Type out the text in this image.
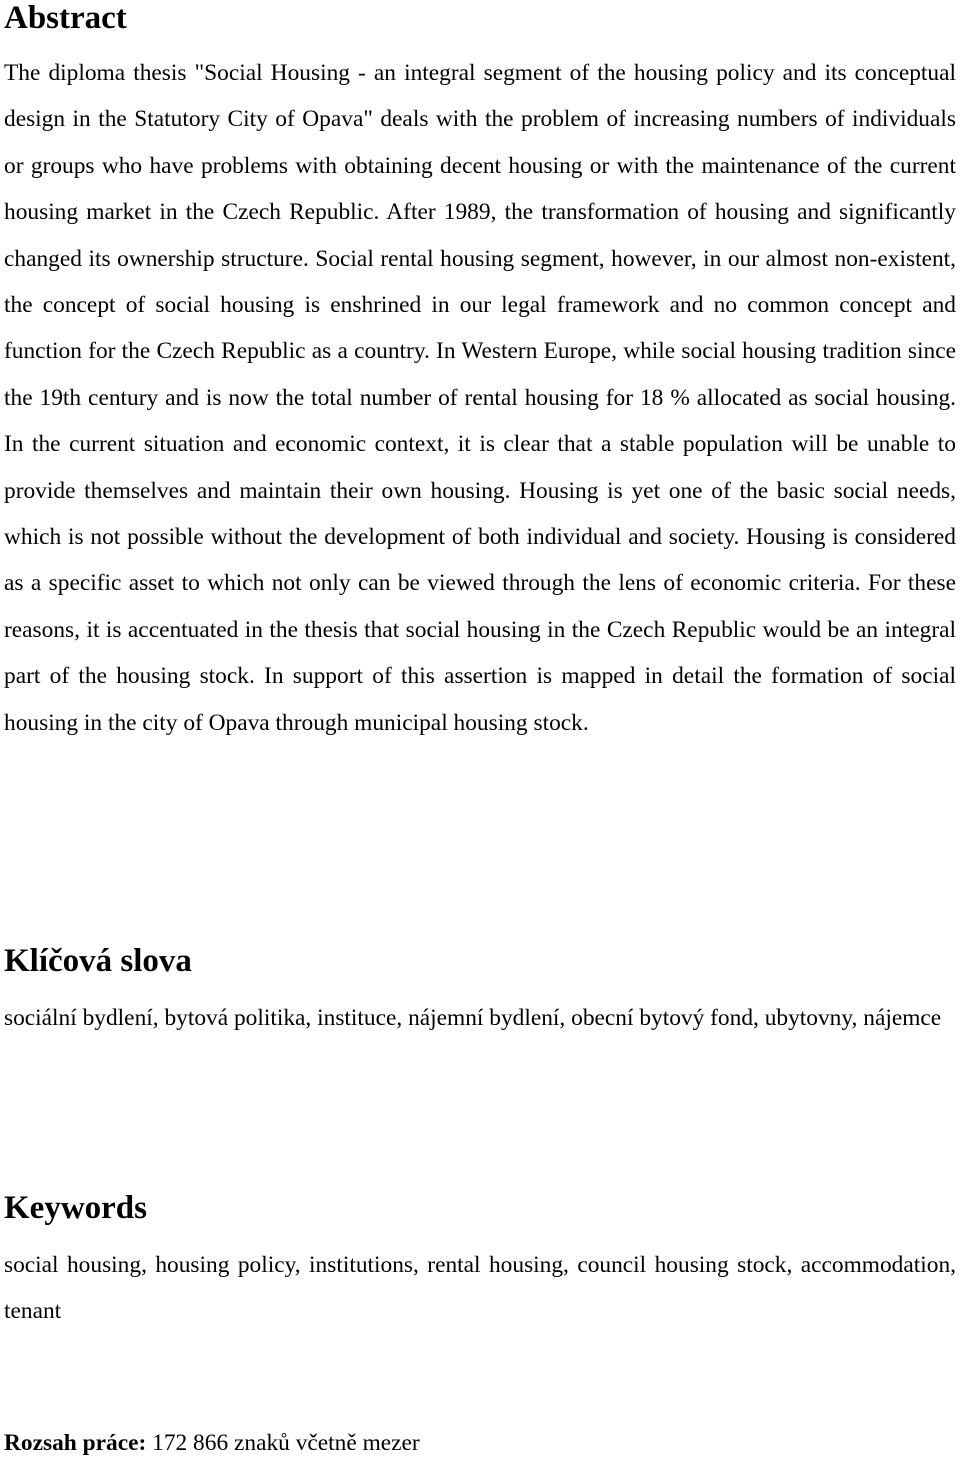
Abstract

The diploma thesis "Social Housing - an integral segment of the housing policy and its conceptual design in the Statutory City of Opava" deals with the problem of increasing numbers of individuals or groups who have problems with obtaining decent housing or with the maintenance of the current housing market in the Czech Republic. After 1989, the transformation of housing and significantly changed its ownership structure. Social rental housing segment, however, in our almost non-existent, the concept of social housing is enshrined in our legal framework and no common concept and function for the Czech Republic as a country. In Western Europe, while social housing tradition since the 19th century and is now the total number of rental housing for 18 % allocated as social housing. In the current situation and economic context, it is clear that a stable population will be unable to provide themselves and maintain their own housing. Housing is yet one of the basic social needs, which is not possible without the development of both individual and society. Housing is considered as a specific asset to which not only can be viewed through the lens of economic criteria. For these reasons, it is accentuated in the thesis that social housing in the Czech Republic would be an integral part of the housing stock. In support of this assertion is mapped in detail the formation of social housing in the city of Opava through municipal housing stock.

Klíčová slova

sociální bydlení, bytová politika, instituce, nájemní bydlení, obecní bytový fond, ubytovny, nájemce

Keywords

social housing, housing policy, institutions, rental housing, council housing stock, accommodation, tenant

Rozsah práce: 172 866 znaků včetně mezer
